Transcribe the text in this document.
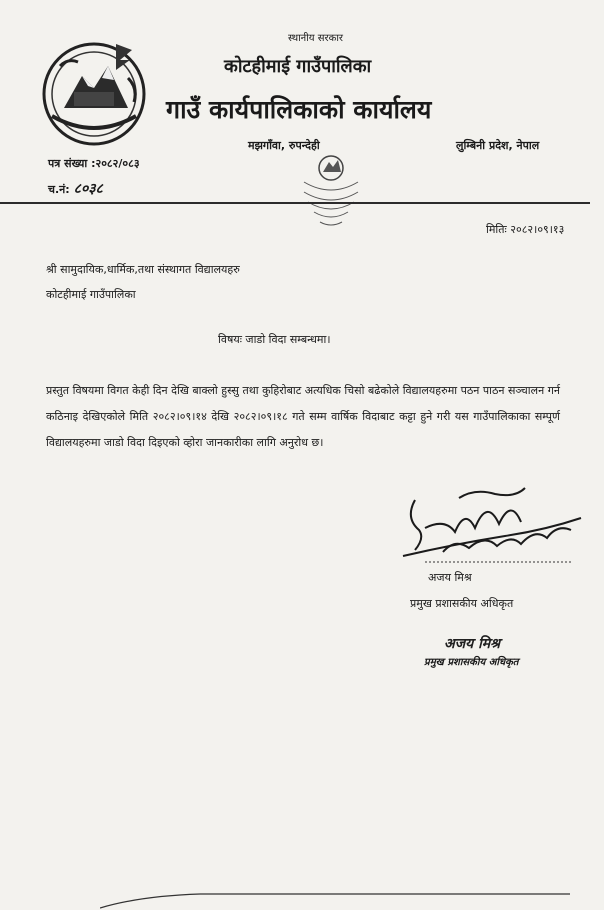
स्थानीय सरकार
कोटहीमाई गाउँपालिका
गाउँ कार्यपालिकाको कार्यालय
मझगाँवा, रुपन्देही	लुम्बिनी प्रदेश, नेपाल
पत्र संख्या :२०८२/०८३
च.नं: ८०३८
मितिः २०८२।०९।१३
श्री सामुदायिक,धार्मिक,तथा संस्थागत विद्यालयहरु
कोटहीमाई गाउँपालिका
विषयः जाडो विदा सम्बन्धमा।
प्रस्तुत विषयमा विगत केही दिन देखि बाक्लो हुस्सु तथा कुहिरोबाट अत्यधिक चिसो बढेकोले विद्यालयहरुमा पठन पाठन सञ्चालन गर्न कठिनाइ देखिएकोले मिति २०८२।०९।१४ देखि २०८२।०९।१८ गते सम्म वार्षिक विदाबाट कट्टा हुने गरी यस गाउँपालिकाका सम्पूर्ण विद्यालयहरुमा जाडो विदा दिइएको व्होरा जानकारीका लागि अनुरोध छ।
अजय मिश्र
प्रमुख प्रशासकीय अधिकृत
अजय मिश्र
प्रमुख प्रशासकीय अधिकृत
